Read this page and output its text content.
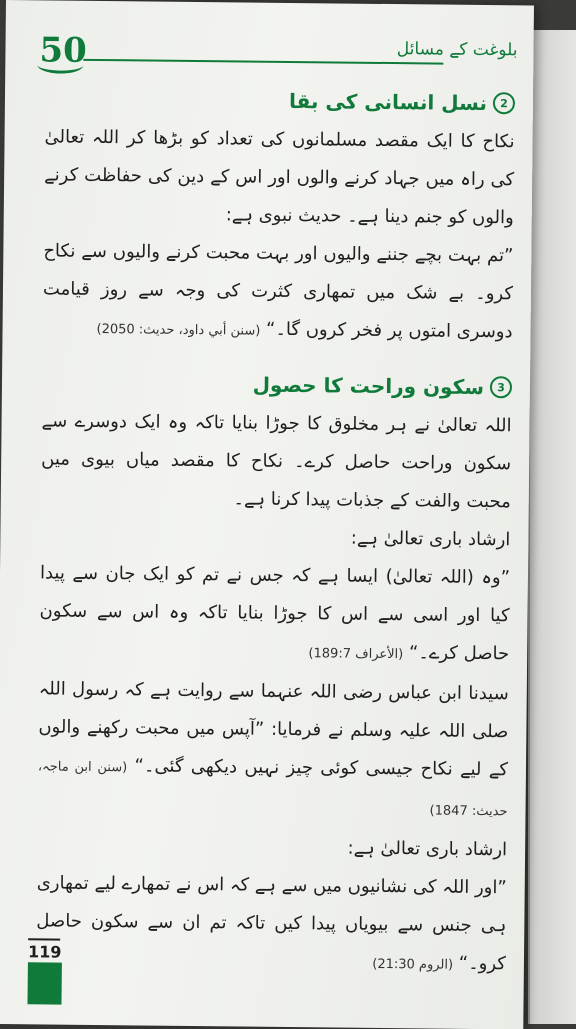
50	بلوغت کے مسائل
2
نسل انسانی کی بقا

نکاح کا ایک مقصد مسلمانوں کی تعداد کو بڑھا کر اللہ تعالیٰ کی راہ میں جہاد کرنے والوں اور اس کے دین کی حفاظت کرنے والوں کو جنم دینا ہے۔ حدیث نبوی ہے:

”تم بہت بچے جننے والیوں اور بہت محبت کرنے والیوں سے نکاح کرو۔ بے شک میں تمھاری کثرت کی وجہ سے روز قیامت دوسری امتوں پر فخر کروں گا۔“ (سنن أبي داود، حديث: 2050)

3
سکون وراحت کا حصول

اللہ تعالیٰ نے ہر مخلوق کا جوڑا بنایا تاکہ وہ ایک دوسرے سے سکون وراحت حاصل کرے۔ نکاح کا مقصد میاں بیوی میں محبت والفت کے جذبات پیدا کرنا ہے۔

ارشاد باری تعالیٰ ہے:

”وہ (اللہ تعالیٰ) ایسا ہے کہ جس نے تم کو ایک جان سے پیدا کیا اور اسی سے اس کا جوڑا بنایا تاکہ وہ اس سے سکون حاصل کرے۔“ (الأعراف 189:7)

سیدنا ابن عباس رضی اللہ عنہما سے روایت ہے کہ رسول اللہ صلی اللہ علیہ وسلم نے فرمایا: ”آپس میں محبت رکھنے والوں کے لیے نکاح جیسی کوئی چیز نہیں دیکھی گئی۔“ (سنن ابن ماجہ، حدیث: 1847)

ارشاد باری تعالیٰ ہے:

”اور اللہ کی نشانیوں میں سے ہے کہ اس نے تمھارے لیے تمھاری ہی جنس سے بیویاں پیدا کیں تاکہ تم ان سے سکون حاصل کرو۔“ (الروم 21:30)

119
